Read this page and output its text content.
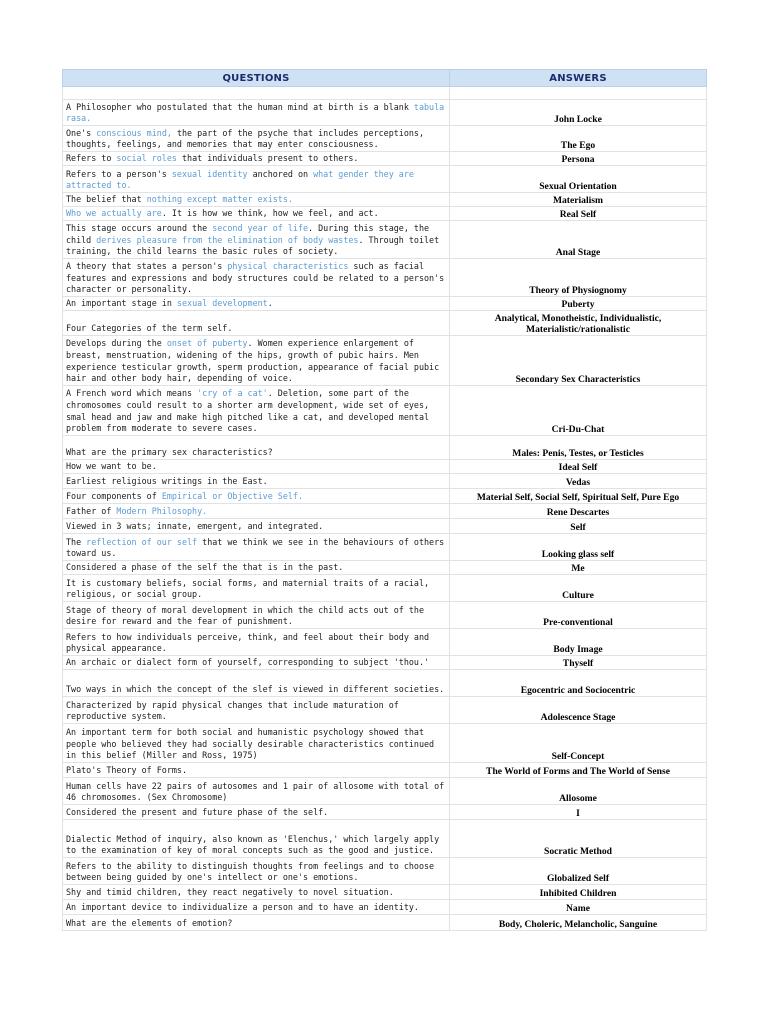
QUESTIONS	ANSWERS

A Philosopher who postulated that the human mind at birth is a blank tabula rasa.	John Locke
One's conscious mind, the part of the psyche that includes perceptions, thoughts, feelings, and memories that may enter consciousness.	The Ego
Refers to social roles that individuals present to others.	Persona
Refers to a person's sexual identity anchored on what gender they are attracted to.	Sexual Orientation
The belief that nothing except matter exists.	Materialism
Who we actually are. It is how we think, how we feel, and act.	Real Self
This stage occurs around the second year of life. During this stage, the child derives pleasure from the elimination of body wastes. Through toilet training, the child learns the basic rules of society.	Anal Stage
A theory that states a person's physical characteristics such as facial features and expressions and body structures could be related to a person's character or personality.	Theory of Physiognomy
An important stage in sexual development.	Puberty
Four Categories of the term self.	Analytical, Monotheistic, Individualistic, Materialistic/rationalistic
Develops during the onset of puberty. Women experience enlargement of breast, menstruation, widening of the hips, growth of pubic hairs. Men experience testicular growth, sperm production, appearance of facial pubic hair and other body hair, depending of voice.	Secondary Sex Characteristics
A French word which means 'cry of a cat'. Deletion, some part of the chromosomes could result to a shorter arm development, wide set of eyes, smal head and jaw and make high pitched like a cat, and developed mental problem from moderate to severe cases.	Cri-Du-Chat
What are the primary sex characteristics?	Males: Penis, Testes, or Testicles
How we want to be.	Ideal Self
Earliest religious writings in the East.	Vedas
Four components of Empirical or Objective Self.	Material Self, Social Self, Spiritual Self, Pure Ego
Father of Modern Philosophy.	Rene Descartes
Viewed in 3 wats; innate, emergent, and integrated.	Self
The reflection of our self that we think we see in the behaviours of others toward us.	Looking glass self
Considered a phase of the self the that is in the past.	Me
It is customary beliefs, social forms, and maternial traits of a racial, religious, or social group.	Culture
Stage of theory of moral development in which the child acts out of the desire for reward and the fear of punishment.	Pre-conventional
Refers to how individuals perceive, think, and feel about their body and physical appearance.	Body Image
An archaic or dialect form of yourself, corresponding to subject 'thou.'	Thyself
Two ways in which the concept of the slef is viewed in different societies.	Egocentric and Sociocentric
Characterized by rapid physical changes that include maturation of reproductive system.	Adolescence Stage
An important term for both social and humanistic psychology showed that people who believed they had socially desirable characteristics continued in this belief (Miller and Ross, 1975)	Self-Concept
Plato's Theory of Forms.	The World of Forms and The World of Sense
Human cells have 22 pairs of autosomes and 1 pair of allosome with total of 46 chromosomes. (Sex Chromosome)	Allosome
Considered the present and future phase of the self.	I
Dialectic Method of inquiry, also known as 'Elenchus,' which largely apply to the examination of key of moral concepts such as the good and justice.	Socratic Method
Refers to the ability to distinguish thoughts from feelings and to choose between being guided by one's intellect or one's emotions.	Globalized Self
Shy and timid children, they react negatively to novel situation.	Inhibited Children
An important device to individualize a person and to have an identity.	Name
What are the elements of emotion?	Body, Choleric, Melancholic, Sanguine
